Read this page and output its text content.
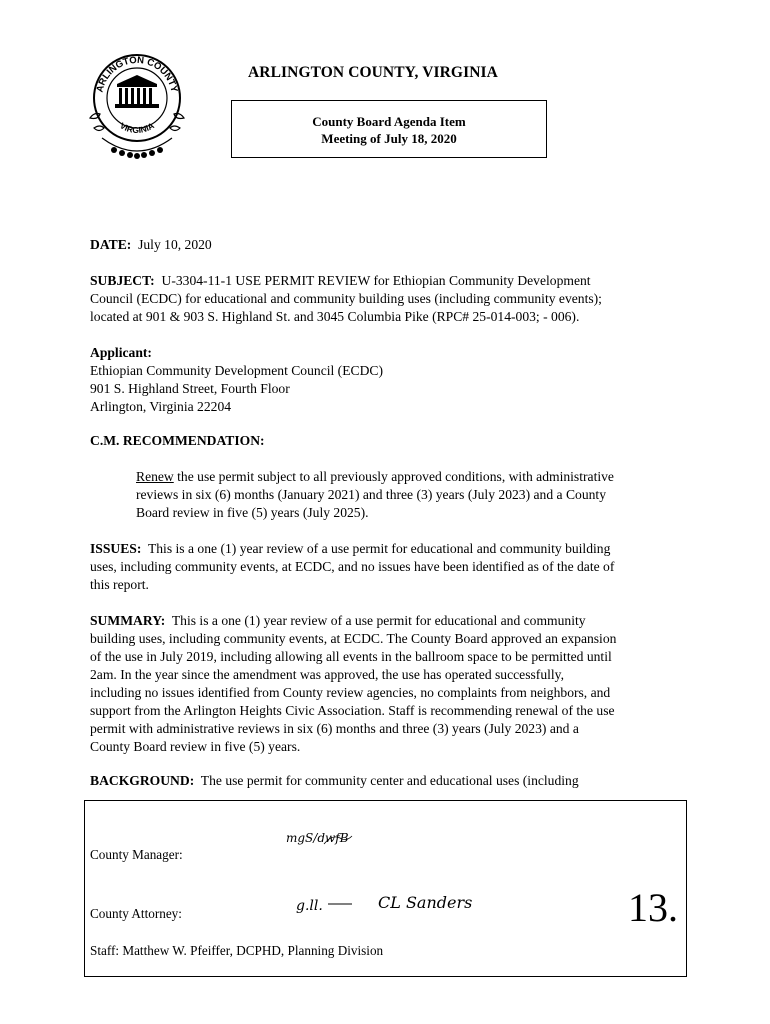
ARLINGTON COUNTY
VIRGINIA
ARLINGTON COUNTY, VIRGINIA
County Board Agenda Item
Meeting of July 18, 2020
DATE: July 10, 2020
SUBJECT: U-3304-11-1 USE PERMIT REVIEW for Ethiopian Community Development
Council (ECDC) for educational and community building uses (including community events);
located at 901 & 903 S. Highland St. and 3045 Columbia Pike (RPC# 25-014-003; - 006).
Applicant:
Ethiopian Community Development Council (ECDC)
901 S. Highland Street, Fourth Floor
Arlington, Virginia 22204
C.M. RECOMMENDATION:
Renew the use permit subject to all previously approved conditions, with administrative
reviews in six (6) months (January 2021) and three (3) years (July 2023) and a County
Board review in five (5) years (July 2025).
ISSUES: This is a one (1) year review of a use permit for educational and community building
uses, including community events, at ECDC, and no issues have been identified as of the date of
this report.
SUMMARY: This is a one (1) year review of a use permit for educational and community
building uses, including community events, at ECDC. The County Board approved an expansion
of the use in July 2019, including allowing all events in the ballroom space to be permitted until
2am. In the year since the amendment was approved, the use has operated successfully,
including no issues identified from County review agencies, no complaints from neighbors, and
support from the Arlington Heights Civic Association. Staff is recommending renewal of the use
permit with administrative reviews in six (6) months and three (3) years (July 2023) and a
County Board review in five (5) years.
BACKGROUND: The use permit for community center and educational uses (including
County Manager:
mgS/dwfB
County Attorney:	g.ll.	CL Sanders	13.
Staff: Matthew W. Pfeiffer, DCPHD, Planning Division
